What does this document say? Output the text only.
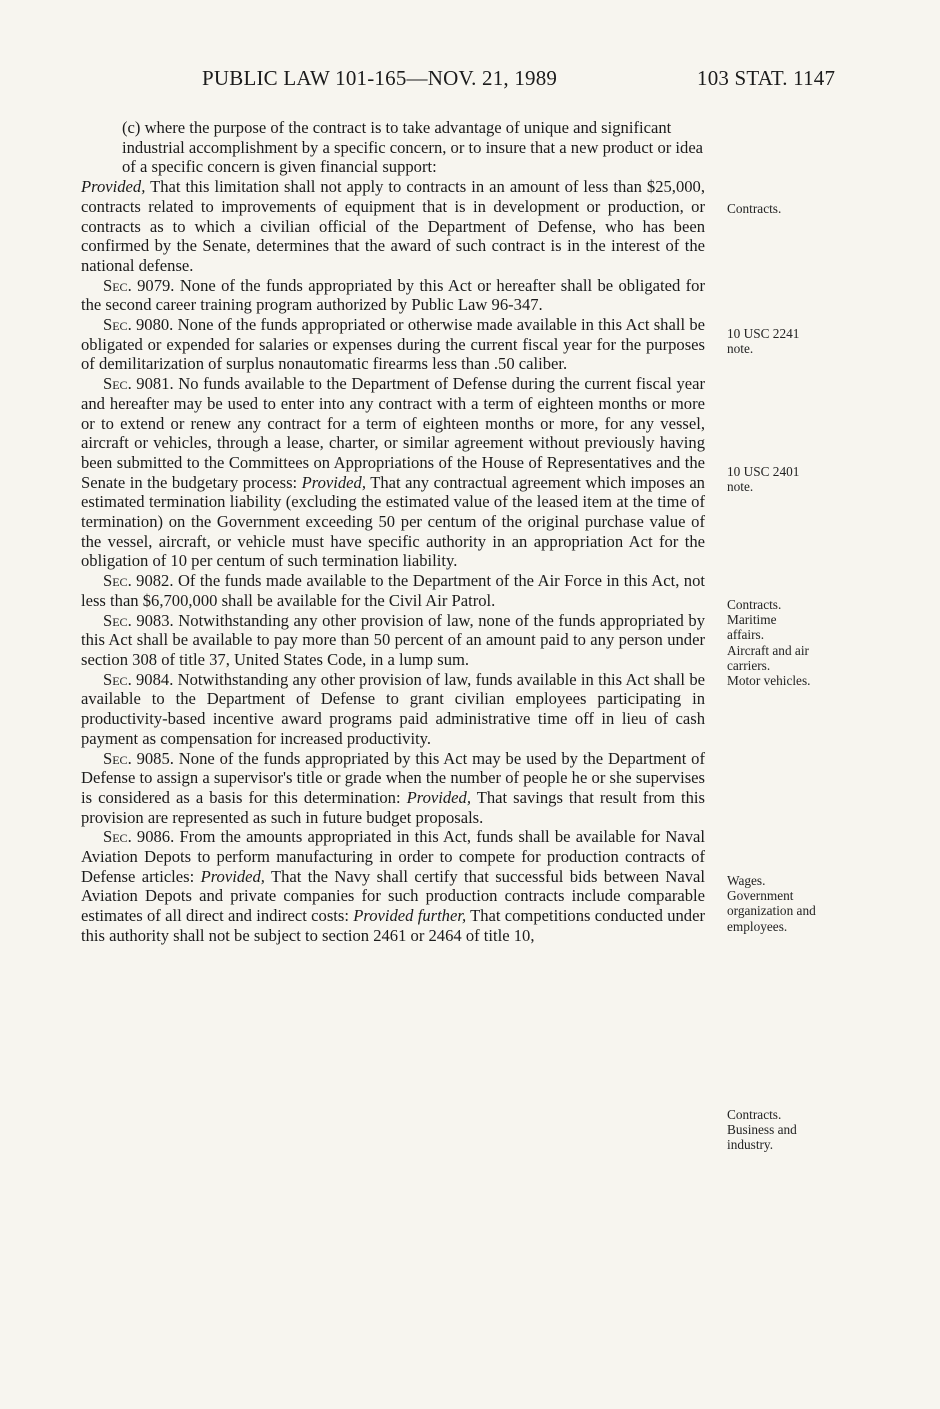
PUBLIC LAW 101-165—NOV. 21, 1989	103 STAT. 1147

(c) where the purpose of the contract is to take advantage of unique and significant industrial accomplishment by a specific concern, or to insure that a new product or idea of a specific concern is given financial support:

Provided, That this limitation shall not apply to contracts in an amount of less than $25,000, contracts related to improvements of equipment that is in development or production, or contracts as to which a civilian official of the Department of Defense, who has been confirmed by the Senate, determines that the award of such contract is in the interest of the national defense.

Sec. 9079. None of the funds appropriated by this Act or hereafter shall be obligated for the second career training program authorized by Public Law 96-347.

Sec. 9080. None of the funds appropriated or otherwise made available in this Act shall be obligated or expended for salaries or expenses during the current fiscal year for the purposes of demilitarization of surplus nonautomatic firearms less than .50 caliber.

Sec. 9081. No funds available to the Department of Defense during the current fiscal year and hereafter may be used to enter into any contract with a term of eighteen months or more or to extend or renew any contract for a term of eighteen months or more, for any vessel, aircraft or vehicles, through a lease, charter, or similar agreement without previously having been submitted to the Committees on Appropriations of the House of Representatives and the Senate in the budgetary process: Provided, That any contractual agreement which imposes an estimated termination liability (excluding the estimated value of the leased item at the time of termination) on the Government exceeding 50 per centum of the original purchase value of the vessel, aircraft, or vehicle must have specific authority in an appropriation Act for the obligation of 10 per centum of such termination liability.

Sec. 9082. Of the funds made available to the Department of the Air Force in this Act, not less than $6,700,000 shall be available for the Civil Air Patrol.

Sec. 9083. Notwithstanding any other provision of law, none of the funds appropriated by this Act shall be available to pay more than 50 percent of an amount paid to any person under section 308 of title 37, United States Code, in a lump sum.

Sec. 9084. Notwithstanding any other provision of law, funds available in this Act shall be available to the Department of Defense to grant civilian employees participating in productivity-based incentive award programs paid administrative time off in lieu of cash payment as compensation for increased productivity.

Sec. 9085. None of the funds appropriated by this Act may be used by the Department of Defense to assign a supervisor's title or grade when the number of people he or she supervises is considered as a basis for this determination: Provided, That savings that result from this provision are represented as such in future budget proposals.

Sec. 9086. From the amounts appropriated in this Act, funds shall be available for Naval Aviation Depots to perform manufacturing in order to compete for production contracts of Defense articles: Provided, That the Navy shall certify that successful bids between Naval Aviation Depots and private companies for such production contracts include comparable estimates of all direct and indirect costs: Provided further, That competitions conducted under this authority shall not be subject to section 2461 or 2464 of title 10,

Contracts.
10 USC 2241
note.
10 USC 2401
note.
Contracts.
Maritime
affairs.
Aircraft and air
carriers.
Motor vehicles.
Wages.
Government
organization and
employees.
Contracts.
Business and
industry.
